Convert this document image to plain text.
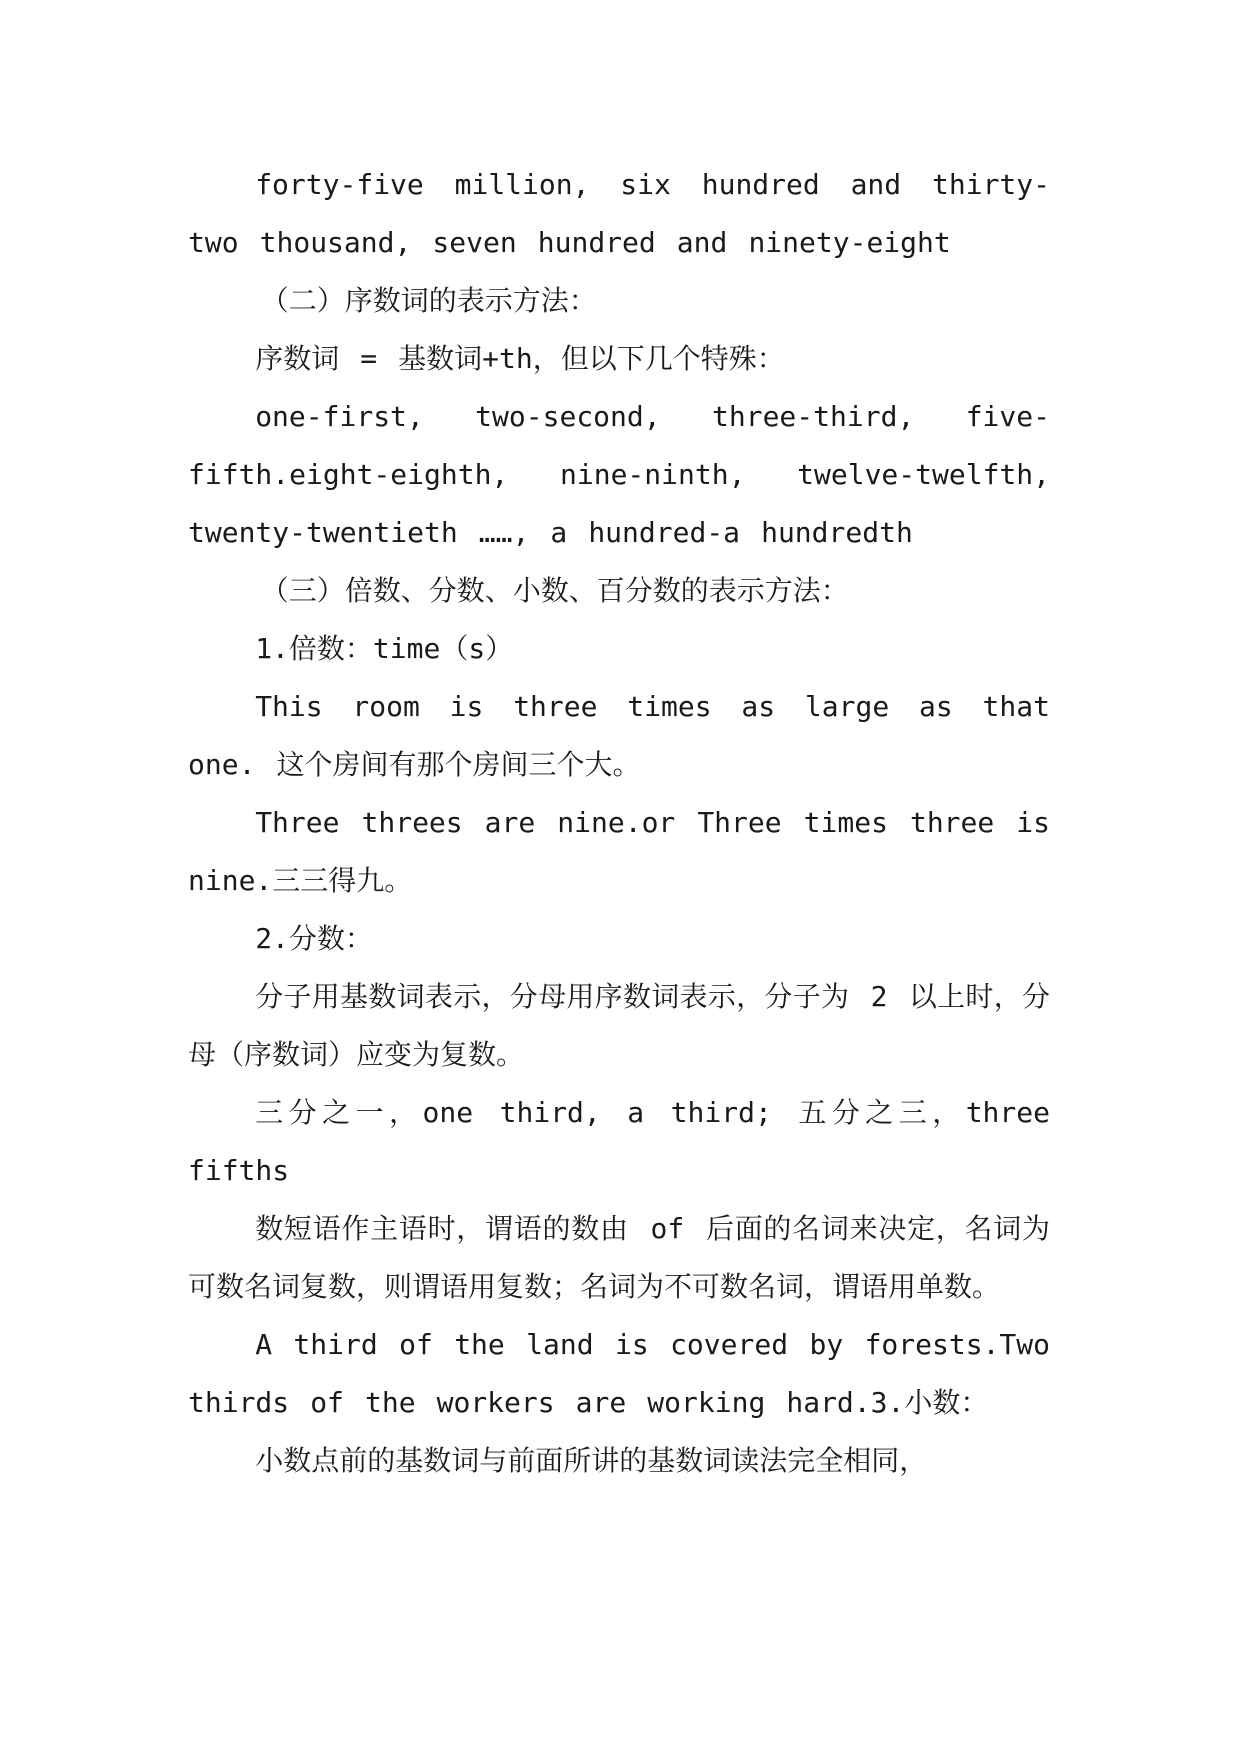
forty-five million, six hundred and thirty-two thousand, seven hundred and ninety-eight

（二）序数词的表示方法：

序数词 = 基数词+th，但以下几个特殊：

one-first, two-second, three-third, five-fifth.eight-eighth, nine-ninth, twelve-twelfth, twenty-twentieth ……, a hundred-a hundredth

（三）倍数、分数、小数、百分数的表示方法：

1.倍数：time（s）

This room is three times as large as that one. 这个房间有那个房间三个大。

Three threes are nine.or Three times three is nine.三三得九。

2.分数：

分子用基数词表示，分母用序数词表示，分子为 2 以上时，分母（序数词）应变为复数。

三分之一，one third, a third; 五分之三，three fifths

数短语作主语时，谓语的数由 of 后面的名词来决定，名词为可数名词复数，则谓语用复数；名词为不可数名词，谓语用单数。

A third of the land is covered by forests.Two thirds of the workers are working hard.3.小数：

小数点前的基数词与前面所讲的基数词读法完全相同，
